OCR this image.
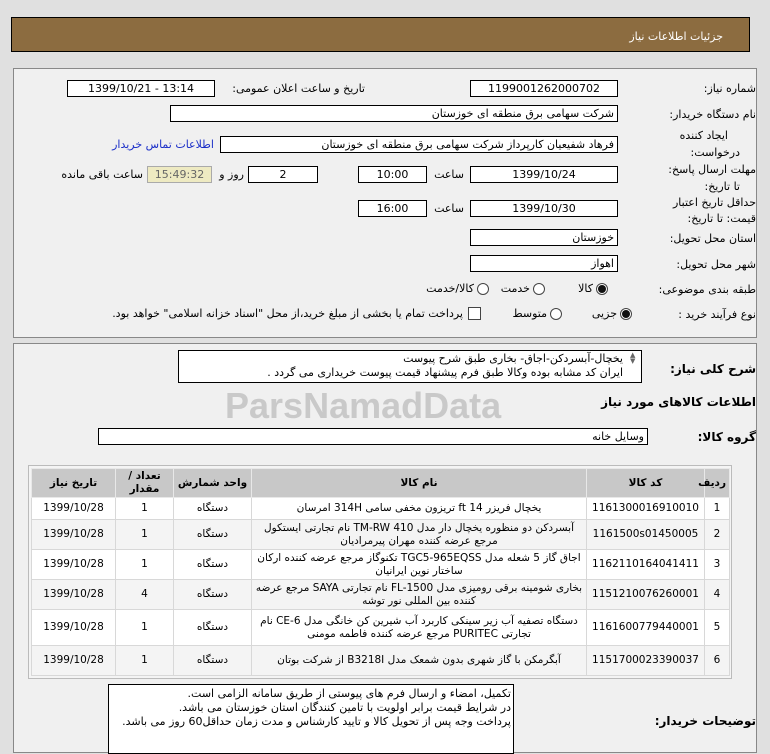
جزئیات اطلاعات نیاز
ParsNamadData
شماره نیاز:
1199001262000702
تاریخ و ساعت اعلان عمومی:
1399/10/21 - 13:14
نام دستگاه خریدار:
شرکت سهامی برق منطقه ای خوزستان
ایجاد کننده
درخواست:
فرهاد شفیعیان کارپرداز شرکت سهامی برق منطقه ای خوزستان
اطلاعات تماس خریدار
مهلت ارسال پاسخ:
تا تاریخ:
1399/10/24
ساعت
10:00
2
روز و
15:49:32
ساعت باقی مانده
حداقل تاریخ اعتبار
قیمت: تا تاریخ:
1399/10/30
ساعت
16:00
استان محل تحویل:
خوزستان
شهر محل تحویل:
اهواز
طبقه بندی موضوعی:
کالا
خدمت
کالا/خدمت
نوع فرآیند خرید :
جزیی
متوسط
پرداخت تمام یا بخشی از مبلغ خرید،از محل "اسناد خزانه اسلامی" خواهد بود.
شرح کلی نیاز:
یخچال-آبسردکن-اجاق- بخاری طبق شرح پیوست
ایران کد مشابه بوده وکالا طبق فرم پیشنهاد قیمت پیوست خریداری می گردد .
▲
▼
اطلاعات کالاهای مورد نیاز
گروه کالا:
وسایل خانه
ردیف	کد کالا	نام کالا	واحد شمارش	تعداد / مقدار	تاریخ نیاز
1	1161300016910010	یخچال فریزر 14 ft تریزون مخفی سامی 314H امرسان	دستگاه	1	1399/10/28
2	1161500s01450005	آبسردکن دو منظوره یخچال دار مدل TM-RW 410 نام تجارتی ایستکول مرجع عرضه کننده مهران پیرمرادیان	دستگاه	1	1399/10/28
3	1162110164041411	اجاق گاز 5 شعله مدل TGC5-965EQSS تکنوگاز مرجع عرضه کننده ارکان ساختار نوین ایرانیان	دستگاه	1	1399/10/28
4	1151210076260001	بخاری شومینه برقی رومیزی مدل FL-1500 نام تجارتی SAYA مرجع عرضه کننده بین المللی نور توشه	دستگاه	4	1399/10/28
5	1161600779440001	دستگاه تصفیه آب زیر سینکی کاربرد آب شیرین کن خانگی مدل CE-6 نام تجارتی PURITEC مرجع عرضه کننده فاطمه مومنی	دستگاه	1	1399/10/28
6	1151700023390037	آبگرمکن با گاز شهری بدون شمعک مدل B3218I از شرکت بوتان	دستگاه	1	1399/10/28
توضیحات خریدار:
تکمیل، امضاء و ارسال فرم های پیوستی از طریق سامانه الزامی است.
در شرایط قیمت برابر اولویت با تامین کنندگان استان خوزستان می باشد.
پرداخت وجه پس از تحویل کالا و تایید کارشناس و مدت زمان حداقل60 روز می باشد.
